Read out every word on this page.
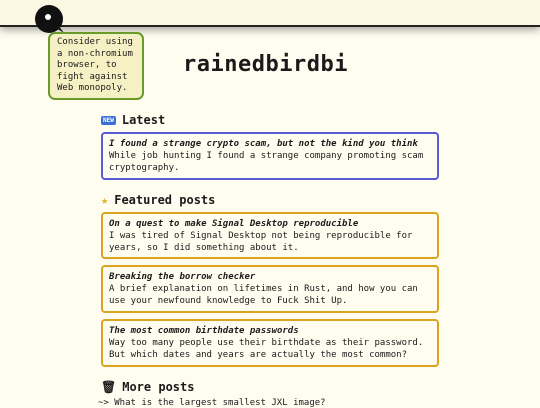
Consider using a non-chromium browser, to fight against Web monopoly.
rainedbirdbi
NEW Latest
I found a strange crypto scam, but not the kind you think
While job hunting I found a strange company promoting scam cryptography.
★ Featured posts
On a quest to make Signal Desktop reproducible
I was tired of Signal Desktop not being reproducible for years, so I did something about it.
Breaking the borrow checker
A brief explanation on lifetimes in Rust, and how you can use your newfound knowledge to Fuck Shit Up.
The most common birthdate passwords
Way too many people use their birthdate as their password. But which dates and years are actually the most common?
🗑 More posts
~> What is the largest smallest JXL image?
